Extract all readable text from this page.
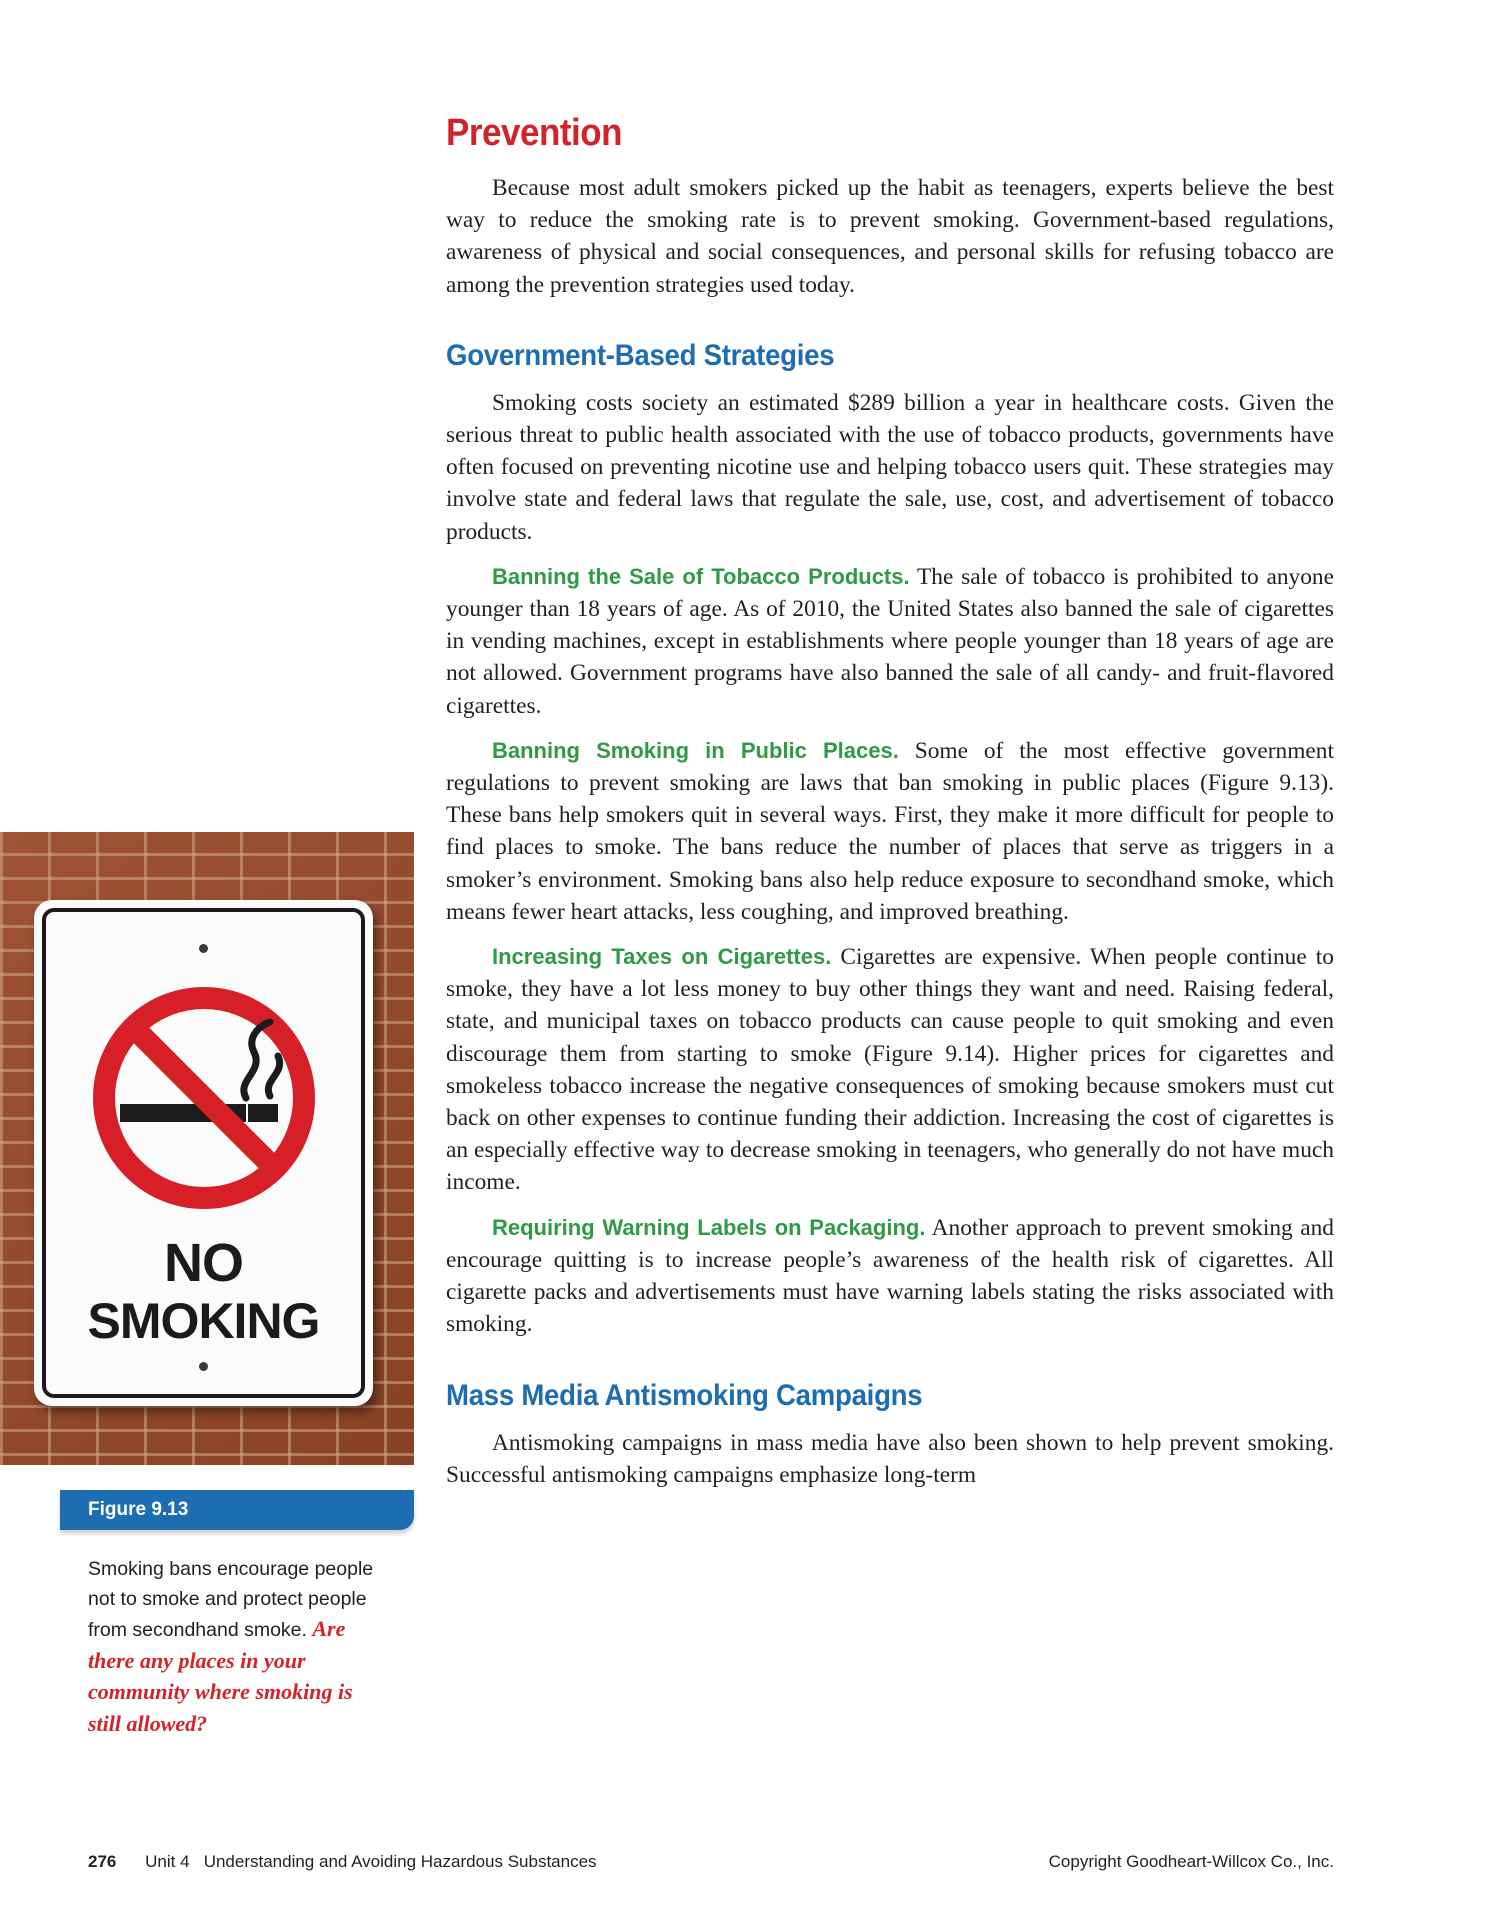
Prevention

Because most adult smokers picked up the habit as teenagers, experts believe the best way to reduce the smoking rate is to prevent smoking. Government-based regulations, awareness of physical and social consequences, and personal skills for refusing tobacco are among the prevention strategies used today.

Government-Based Strategies

Smoking costs society an estimated $289 billion a year in healthcare costs. Given the serious threat to public health associated with the use of tobacco products, governments have often focused on preventing nicotine use and helping tobacco users quit. These strategies may involve state and federal laws that regulate the sale, use, cost, and advertisement of tobacco products.

Banning the Sale of Tobacco Products. The sale of tobacco is prohibited to anyone younger than 18 years of age. As of 2010, the United States also banned the sale of cigarettes in vending machines, except in establishments where people younger than 18 years of age are not allowed. Government programs have also banned the sale of all candy- and fruit-flavored cigarettes.

Banning Smoking in Public Places. Some of the most effective government regulations to prevent smoking are laws that ban smoking in public places (Figure 9.13). These bans help smokers quit in several ways. First, they make it more difficult for people to find places to smoke. The bans reduce the number of places that serve as triggers in a smoker’s environment. Smoking bans also help reduce exposure to secondhand smoke, which means fewer heart attacks, less coughing, and improved breathing.

Increasing Taxes on Cigarettes. Cigarettes are expensive. When people continue to smoke, they have a lot less money to buy other things they want and need. Raising federal, state, and municipal taxes on tobacco products can cause people to quit smoking and even discourage them from starting to smoke (Figure 9.14). Higher prices for cigarettes and smokeless tobacco increase the negative consequences of smoking because smokers must cut back on other expenses to continue funding their addiction. Increasing the cost of cigarettes is an especially effective way to decrease smoking in teenagers, who generally do not have much income.

Requiring Warning Labels on Packaging. Another approach to prevent smoking and encourage quitting is to increase people’s awareness of the health risk of cigarettes. All cigarette packs and advertisements must have warning labels stating the risks associated with smoking.

Mass Media Antismoking Campaigns

Antismoking campaigns in mass media have also been shown to help prevent smoking. Successful antismoking campaigns emphasize long-term

NO
SMOKING
Figure 9.13
Smoking bans encourage people not to smoke and protect people from secondhand smoke. Are there any places in your community where smoking is still allowed?
276 Unit 4   Understanding and Avoiding Hazardous Substances	Copyright Goodheart-Willcox Co., Inc.
